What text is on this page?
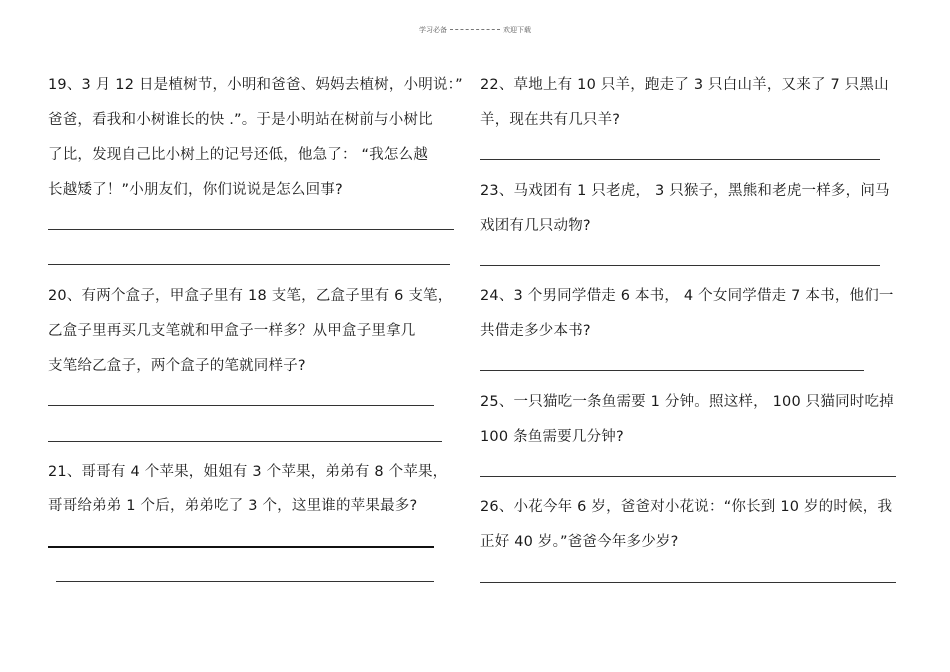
学习必备	欢迎下载
19、3 月 12 日是植树节，小明和爸爸、妈妈去植树，小明说：”
爸爸，看我和小树谁长的快 .”。于是小明站在树前与小树比
了比，发现自己比小树上的记号还低，他急了： “我怎么越
长越矮了！”小朋友们，你们说说是怎么回事?
20、有两个盒子，甲盒子里有 18 支笔，乙盒子里有 6 支笔，
乙盒子里再买几支笔就和甲盒子一样多？从甲盒子里拿几
支笔给乙盒子，两个盒子的笔就同样子?
21、哥哥有 4 个苹果，姐姐有 3 个苹果，弟弟有 8 个苹果，
哥哥给弟弟 1 个后，弟弟吃了 3 个，这里谁的苹果最多?
22、草地上有 10 只羊，跑走了 3 只白山羊，又来了 7 只黑山
羊，现在共有几只羊?
23、马戏团有 1 只老虎， 3 只猴子，黑熊和老虎一样多，问马
戏团有几只动物?
24、3 个男同学借走 6 本书， 4 个女同学借走 7 本书，他们一
共借走多少本书?
25、一只猫吃一条鱼需要 1 分钟。照这样， 100 只猫同时吃掉
100 条鱼需要几分钟?
26、小花今年 6 岁，爸爸对小花说：“你长到 10 岁的时候，我
正好 40 岁。”爸爸今年多少岁?
